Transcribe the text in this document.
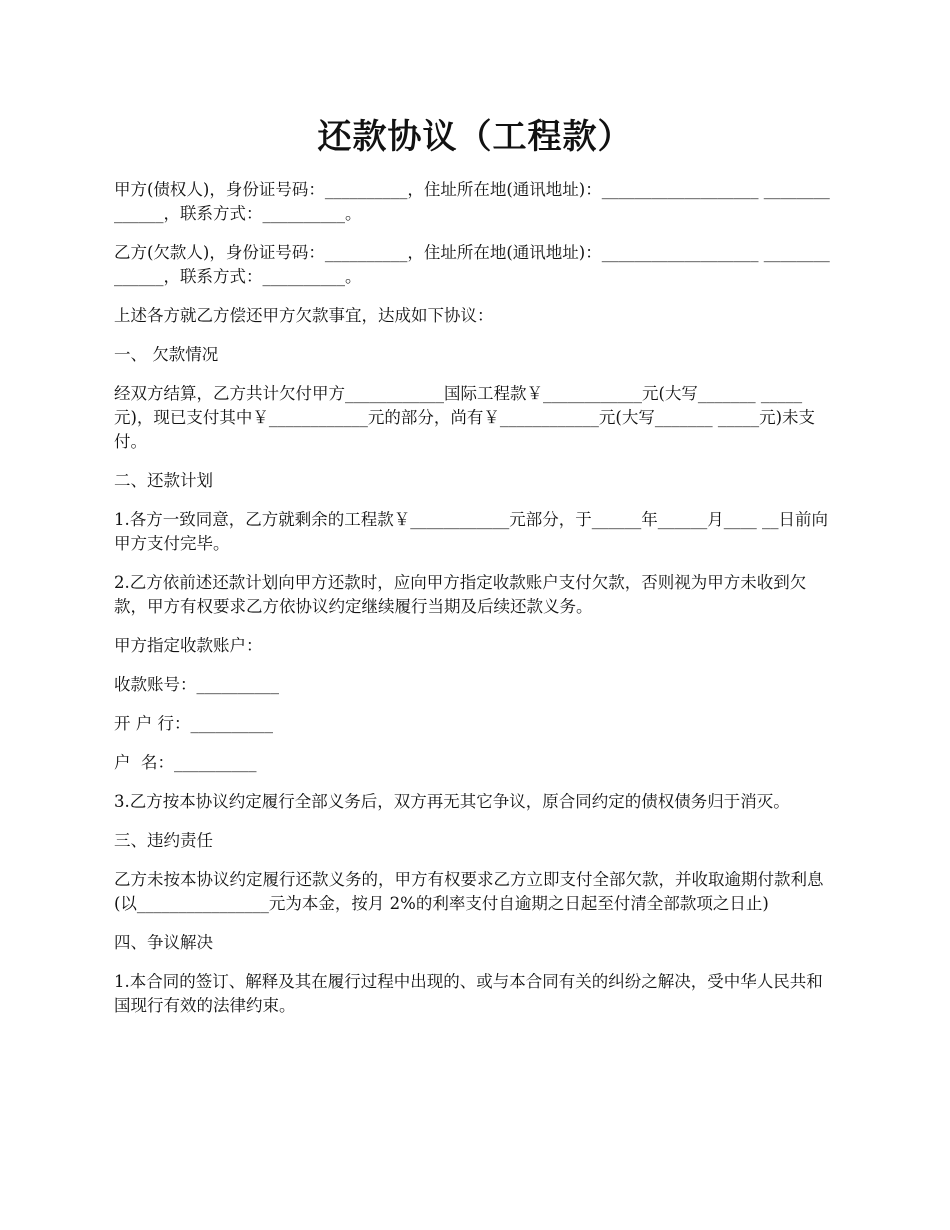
还款协议（工程款）

甲方(债权人)，身份证号码：__________，住址所在地(通讯地址)：___________________ ______________，联系方式：__________。

乙方(欠款人)，身份证号码：__________，住址所在地(通讯地址)：___________________ ______________，联系方式：__________。

上述各方就乙方偿还甲方欠款事宜，达成如下协议：

一、 欠款情况

经双方结算，乙方共计欠付甲方____________国际工程款￥____________元(大写_______ _____元)，现已支付其中￥____________元的部分，尚有￥____________元(大写_______ _____元)未支付。

二、还款计划

1.各方一致同意，乙方就剩余的工程款￥____________元部分，于______年______月____ __日前向甲方支付完毕。

2.乙方依前述还款计划向甲方还款时，应向甲方指定收款账户支付欠款，否则视为甲方未收到欠款，甲方有权要求乙方依协议约定继续履行当期及后续还款义务。

甲方指定收款账户：

收款账号：__________

开 户 行：__________

户  名：__________

3.乙方按本协议约定履行全部义务后，双方再无其它争议，原合同约定的债权债务归于消灭。

三、违约责任

乙方未按本协议约定履行还款义务的，甲方有权要求乙方立即支付全部欠款，并收取逾期付款利息(以________________元为本金，按月 2%的利率支付自逾期之日起至付清全部款项之日止)

四、争议解决

1.本合同的签订、解释及其在履行过程中出现的、或与本合同有关的纠纷之解决，受中华人民共和国现行有效的法律约束。
